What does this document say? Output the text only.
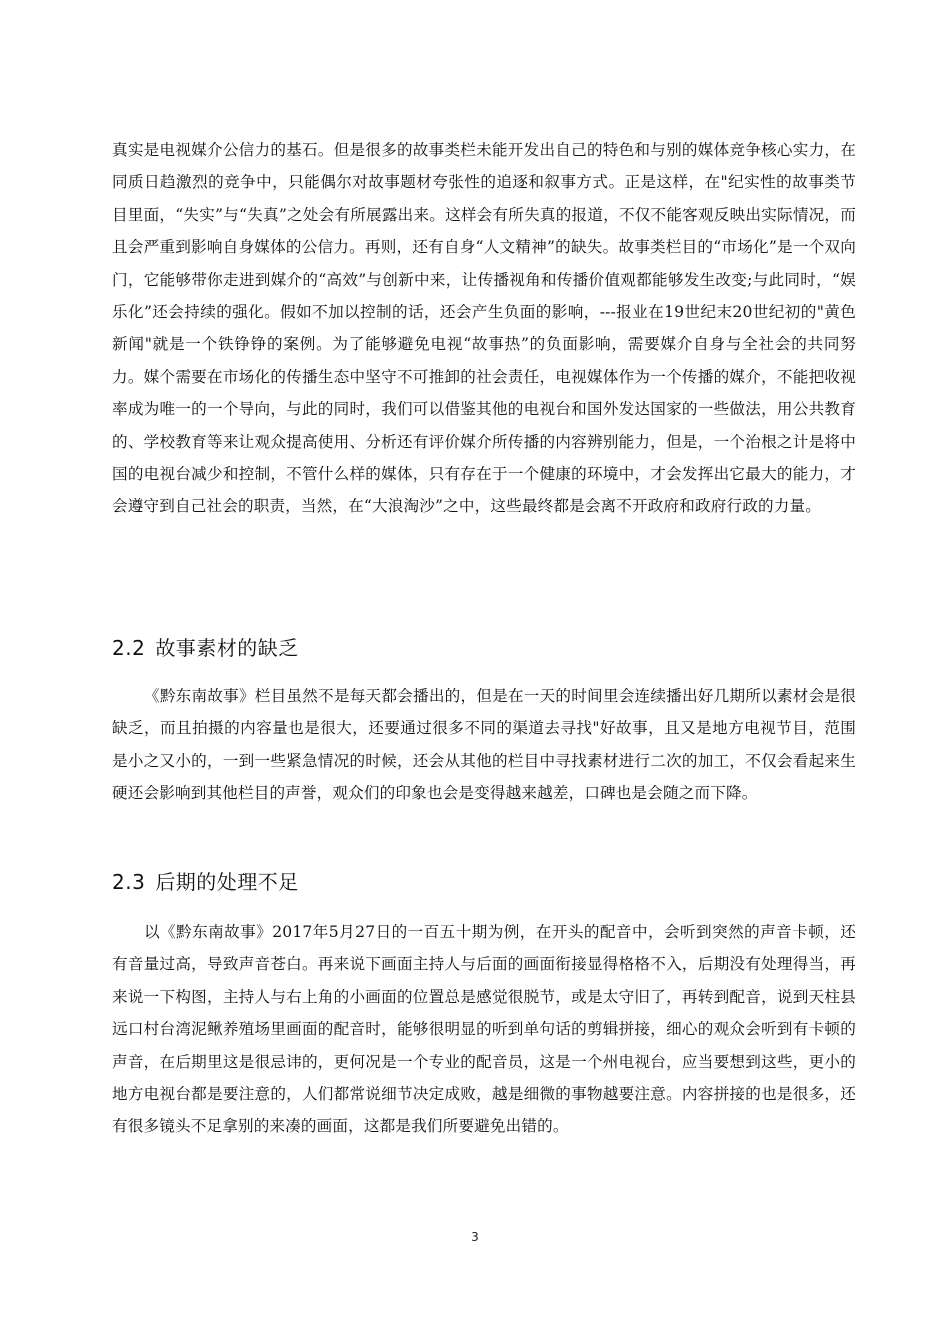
真实是电视媒介公信力的基石。但是很多的故事类栏未能开发出自己的特色和与别的媒体竞争核心实力，在同质日趋激烈的竞争中，只能偶尔对故事题材夸张性的追逐和叙事方式。正是这样，在"纪实性的故事类节目里面，“失实”与“失真”之处会有所展露出来。这样会有所失真的报道，不仅不能客观反映出实际情况，而且会严重到影响自身媒体的公信力。再则，还有自身“人文精神”的缺失。故事类栏目的“市场化”是一个双向门，它能够带你走进到媒介的“高效”与创新中来，让传播视角和传播价值观都能够发生改变;与此同时，“娱乐化”还会持续的强化。假如不加以控制的话，还会产生负面的影响，---报业在19世纪末20世纪初的"黄色新闻"就是一个铁铮铮的案例。为了能够避免电视“故事热”的负面影响，需要媒介自身与全社会的共同努力。媒个需要在市场化的传播生态中坚守不可推卸的社会责任，电视媒体作为一个传播的媒介，不能把收视率成为唯一的一个导向，与此的同时，我们可以借鉴其他的电视台和国外发达国家的一些做法，用公共教育的、学校教育等来让观众提高使用、分析还有评价媒介所传播的内容辨别能力，但是，一个治根之计是将中国的电视台减少和控制，不管什么样的媒体，只有存在于一个健康的环境中，才会发挥出它最大的能力，才会遵守到自己社会的职责，当然，在“大浪淘沙”之中，这些最终都是会离不开政府和政府行政的力量。

2.2 故事素材的缺乏

《黔东南故事》栏目虽然不是每天都会播出的，但是在一天的时间里会连续播出好几期所以素材会是很缺乏，而且拍摄的内容量也是很大，还要通过很多不同的渠道去寻找"好故事，且又是地方电视节目，范围是小之又小的，一到一些紧急情况的时候，还会从其他的栏目中寻找素材进行二次的加工，不仅会看起来生硬还会影响到其他栏目的声誉，观众们的印象也会是变得越来越差，口碑也是会随之而下降。

2.3 后期的处理不足

以《黔东南故事》2017年5月27日的一百五十期为例，在开头的配音中，会听到突然的声音卡顿，还有音量过高，导致声音苍白。再来说下画面主持人与后面的画面衔接显得格格不入，后期没有处理得当，再来说一下构图，主持人与右上角的小画面的位置总是感觉很脱节，或是太守旧了，再转到配音，说到天柱县远口村台湾泥鳅养殖场里画面的配音时，能够很明显的听到单句话的剪辑拼接，细心的观众会听到有卡顿的声音，在后期里这是很忌讳的，更何况是一个专业的配音员，这是一个州电视台，应当要想到这些，更小的地方电视台都是要注意的，人们都常说细节决定成败，越是细微的事物越要注意。内容拼接的也是很多，还有很多镜头不足拿别的来凑的画面，这都是我们所要避免出错的。

3
